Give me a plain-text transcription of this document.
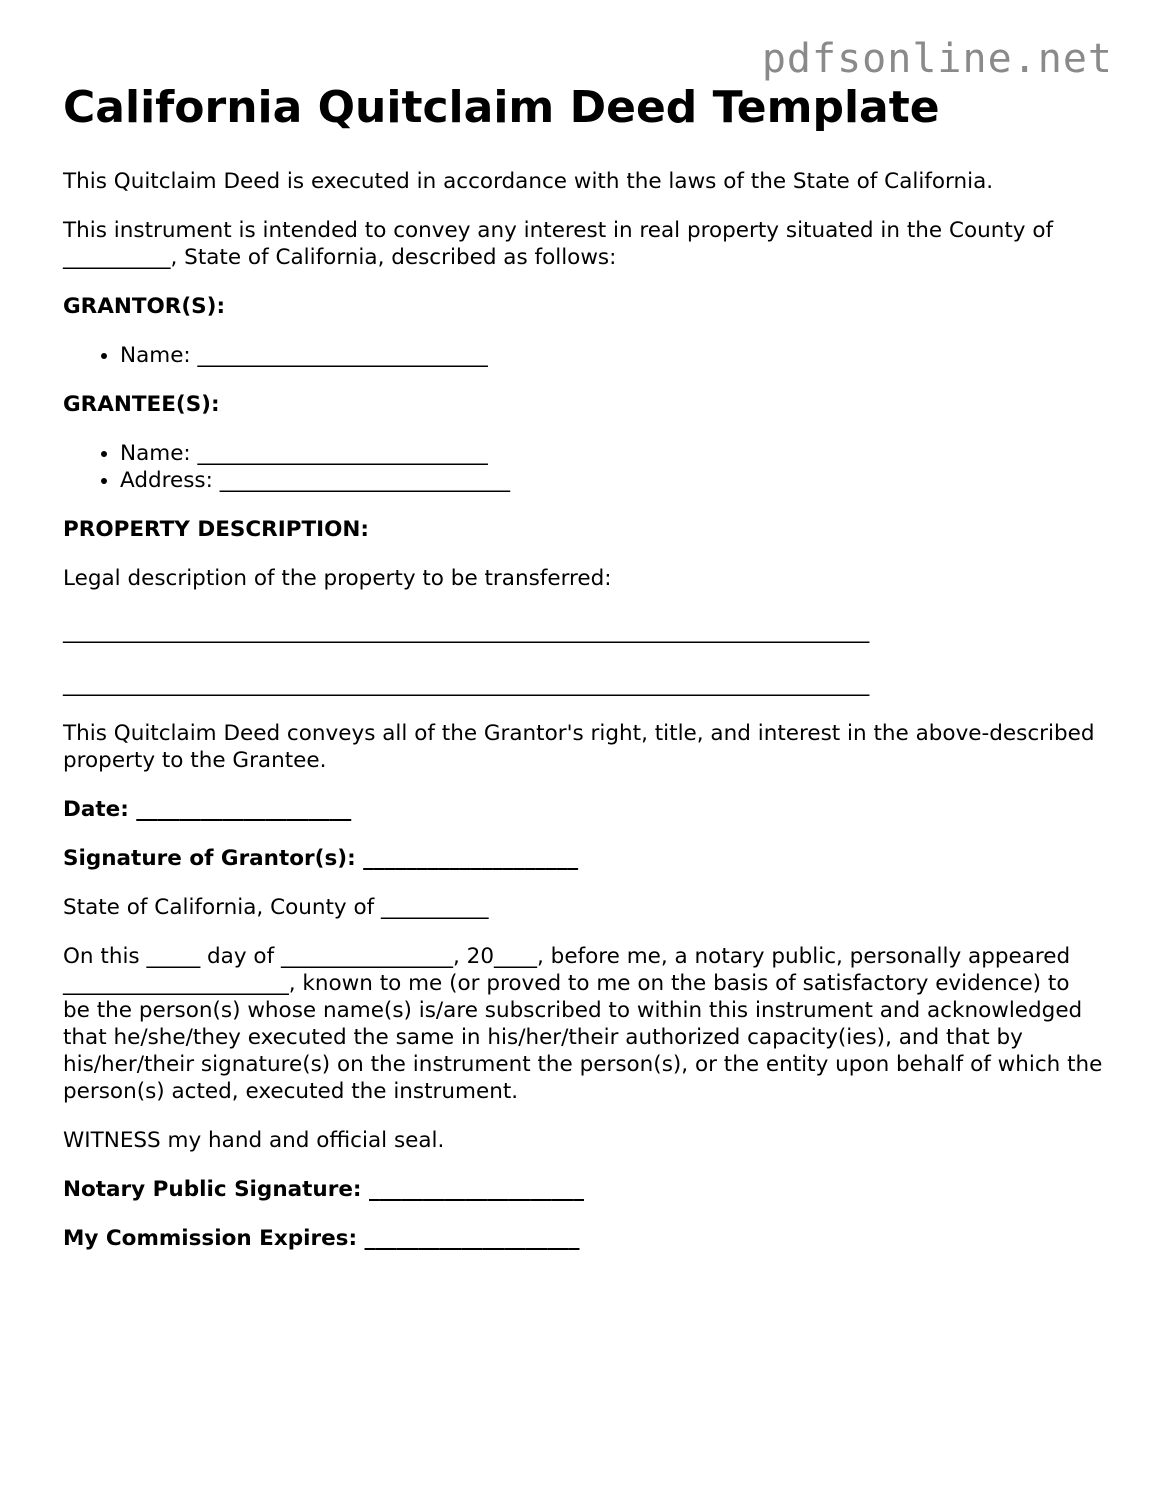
pdfsonline.net
California Quitclaim Deed Template

This Quitclaim Deed is executed in accordance with the laws of the State of California.

This instrument is intended to convey any interest in real property situated in the County of __________, State of California, described as follows:

GRANTOR(S):

• Name: ___________________________

GRANTEE(S):

• Name: ___________________________
• Address: ___________________________

PROPERTY DESCRIPTION:

Legal description of the property to be transferred:

___________________________________________________________________________

___________________________________________________________________________

This Quitclaim Deed conveys all of the Grantor's right, title, and interest in the above-described property to the Grantee.

Date: ____________________

Signature of Grantor(s): ____________________

State of California, County of __________

On this _____ day of ________________, 20____, before me, a notary public, personally appeared _____________________, known to me (or proved to me on the basis of satisfactory evidence) to be the person(s) whose name(s) is/are subscribed to within this instrument and acknowledged that he/she/they executed the same in his/her/their authorized capacity(ies), and that by his/her/their signature(s) on the instrument the person(s), or the entity upon behalf of which the person(s) acted, executed the instrument.

WITNESS my hand and official seal.

Notary Public Signature: ____________________

My Commission Expires: ____________________
